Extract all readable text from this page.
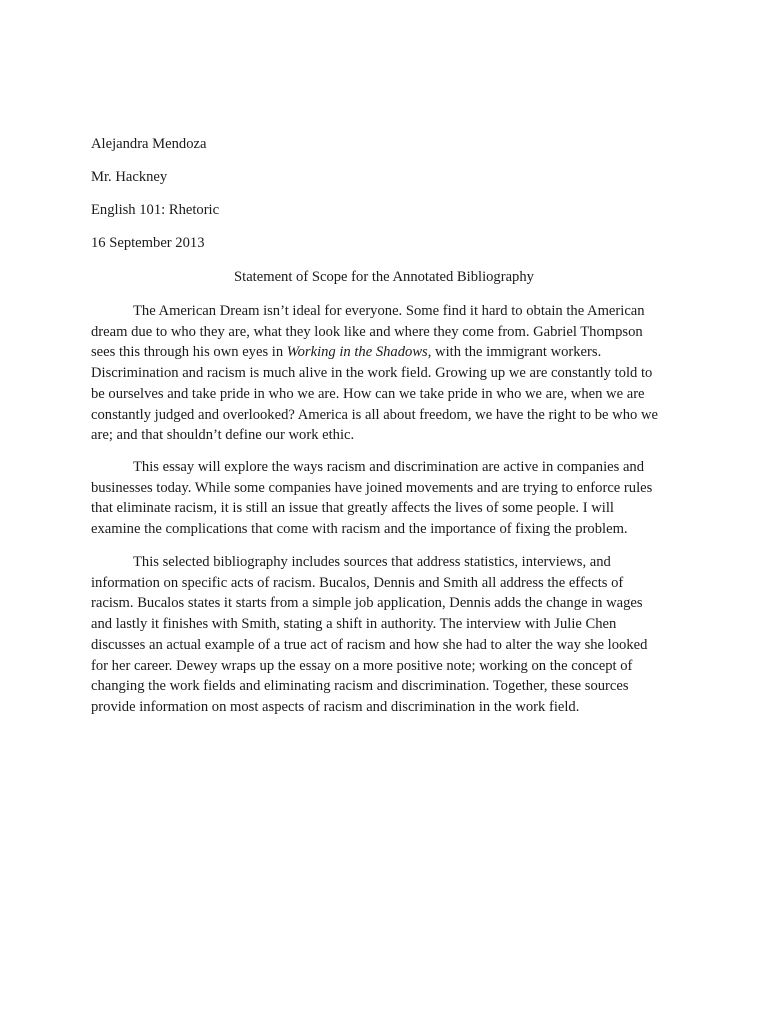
Alejandra Mendoza
Mr. Hackney
English 101: Rhetoric
16 September 2013
Statement of Scope for the Annotated Bibliography

The American Dream isn’t ideal for everyone. Some find it hard to obtain the American
dream due to who they are, what they look like and where they come from. Gabriel Thompson
sees this through his own eyes in Working in the Shadows, with the immigrant workers.
Discrimination and racism is much alive in the work field. Growing up we are constantly told to
be ourselves and take pride in who we are. How can we take pride in who we are, when we are
constantly judged and overlooked? America is all about freedom, we have the right to be who we
are; and that shouldn’t define our work ethic.

This essay will explore the ways racism and discrimination are active in companies and
businesses today. While some companies have joined movements and are trying to enforce rules
that eliminate racism, it is still an issue that greatly affects the lives of some people. I will
examine the complications that come with racism and the importance of fixing the problem.

This selected bibliography includes sources that address statistics, interviews, and
information on specific acts of racism. Bucalos, Dennis and Smith all address the effects of
racism. Bucalos states it starts from a simple job application, Dennis adds the change in wages
and lastly it finishes with Smith, stating a shift in authority. The interview with Julie Chen
discusses an actual example of a true act of racism and how she had to alter the way she looked
for her career. Dewey wraps up the essay on a more positive note; working on the concept of
changing the work fields and eliminating racism and discrimination. Together, these sources
provide information on most aspects of racism and discrimination in the work field.
